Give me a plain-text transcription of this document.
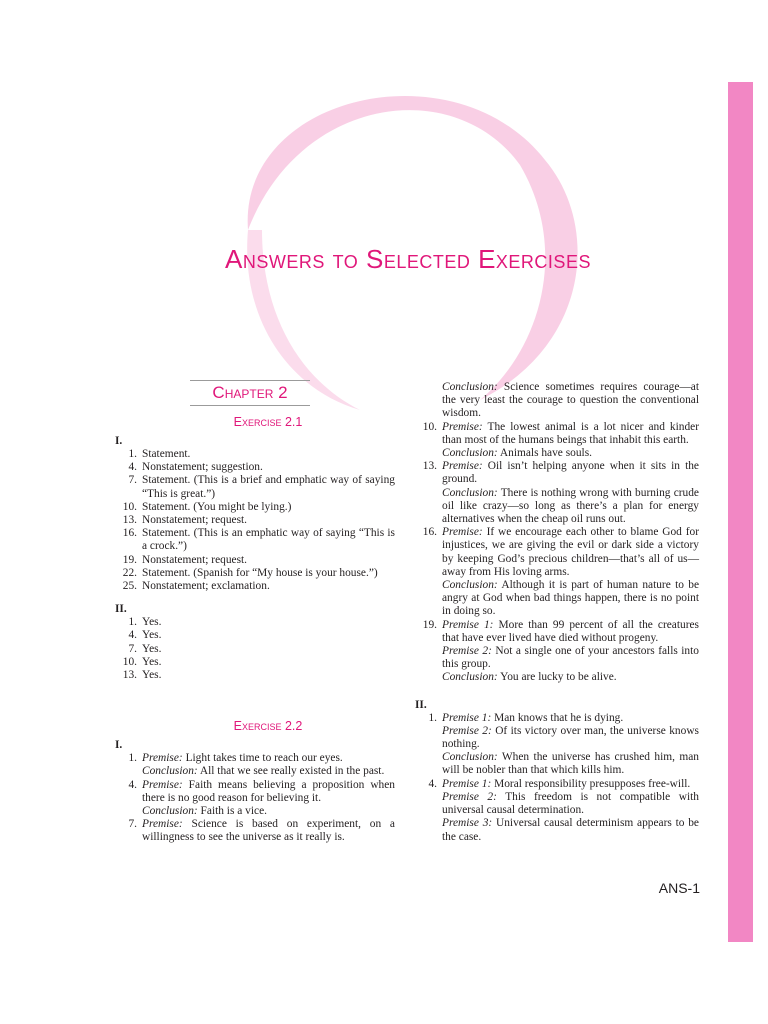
Answers to Selected Exercises
Chapter 2
Exercise 2.1
I.
1. Statement.
4. Nonstatement; suggestion.
7. Statement. (This is a brief and emphatic way of saying “This is great.”)
10. Statement. (You might be lying.)
13. Nonstatement; request.
16. Statement. (This is an emphatic way of saying “This is a crock.”)
19. Nonstatement; request.
22. Statement. (Spanish for “My house is your house.”)
25. Nonstatement; exclamation.
II.
1. Yes.
4. Yes.
7. Yes.
10. Yes.
13. Yes.
Exercise 2.2
I.
1. Premise: Light takes time to reach our eyes.
Conclusion: All that we see really existed in the past.
4. Premise: Faith means believing a proposition when there is no good reason for believing it.
Conclusion: Faith is a vice.
7. Premise: Science is based on experiment, on a willingness to see the universe as it really is.
Conclusion: Science sometimes requires courage—at the very least the courage to question the conventional wisdom.
10. Premise: The lowest animal is a lot nicer and kinder than most of the humans beings that inhabit this earth.
Conclusion: Animals have souls.
13. Premise: Oil isn’t helping anyone when it sits in the ground.
Conclusion: There is nothing wrong with burning crude oil like crazy—so long as there’s a plan for energy alternatives when the cheap oil runs out.
16. Premise: If we encourage each other to blame God for injustices, we are giving the evil or dark side a victory by keeping God’s precious children—that’s all of us—away from His loving arms.
Conclusion: Although it is part of human nature to be angry at God when bad things happen, there is no point in doing so.
19. Premise 1: More than 99 percent of all the creatures that have ever lived have died without progeny.
Premise 2: Not a single one of your ancestors falls into this group.
Conclusion: You are lucky to be alive.
II.
1. Premise 1: Man knows that he is dying.
Premise 2: Of its victory over man, the universe knows nothing.
Conclusion: When the universe has crushed him, man will be nobler than that which kills him.
4. Premise 1: Moral responsibility presupposes free-will.
Premise 2: This freedom is not compatible with universal causal determination.
Premise 3: Universal causal determinism appears to be the case.
ANS-1
